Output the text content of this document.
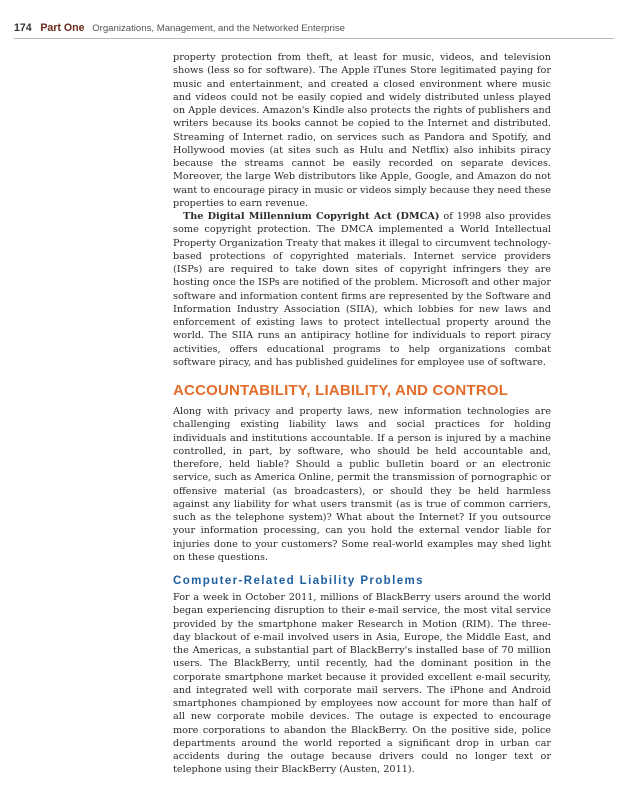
174 Part One Organizations, Management, and the Networked Enterprise

property protection from theft, at least for music, videos, and television shows (less so for software). The Apple iTunes Store legitimated paying for music and entertainment, and created a closed environment where music and videos could not be easily copied and widely distributed unless played on Apple devices. Amazon's Kindle also protects the rights of publishers and writers because its books cannot be copied to the Internet and distributed. Streaming of Internet radio, on services such as Pandora and Spotify, and Hollywood movies (at sites such as Hulu and Netflix) also inhibits piracy because the streams cannot be easily recorded on separate devices. Moreover, the large Web distributors like Apple, Google, and Amazon do not want to encourage piracy in music or videos simply because they need these properties to earn revenue.

The Digital Millennium Copyright Act (DMCA) of 1998 also provides some copyright protection. The DMCA implemented a World Intellectual Property Organization Treaty that makes it illegal to circumvent technology-based protections of copyrighted materials. Internet service providers (ISPs) are required to take down sites of copyright infringers they are hosting once the ISPs are notified of the problem. Microsoft and other major software and information content firms are represented by the Software and Information Industry Association (SIIA), which lobbies for new laws and enforcement of existing laws to protect intellectual property around the world. The SIIA runs an antipiracy hotline for individuals to report piracy activities, offers educational programs to help organizations combat software piracy, and has published guidelines for employee use of software.

ACCOUNTABILITY, LIABILITY, AND CONTROL

Along with privacy and property laws, new information technologies are challenging existing liability laws and social practices for holding individuals and institutions accountable. If a person is injured by a machine controlled, in part, by software, who should be held accountable and, therefore, held liable? Should a public bulletin board or an electronic service, such as America Online, permit the transmission of pornographic or offensive material (as broadcasters), or should they be held harmless against any liability for what users transmit (as is true of common carriers, such as the telephone system)? What about the Internet? If you outsource your information processing, can you hold the external vendor liable for injuries done to your customers? Some real-world examples may shed light on these questions.

Computer-Related Liability Problems

For a week in October 2011, millions of BlackBerry users around the world began experiencing disruption to their e-mail service, the most vital service provided by the smartphone maker Research in Motion (RIM). The three-day blackout of e-mail involved users in Asia, Europe, the Middle East, and the Americas, a substantial part of BlackBerry's installed base of 70 million users. The BlackBerry, until recently, had the dominant position in the corporate smartphone market because it provided excellent e-mail security, and integrated well with corporate mail servers. The iPhone and Android smartphones championed by employees now account for more than half of all new corporate mobile devices. The outage is expected to encourage more corporations to abandon the BlackBerry. On the positive side, police departments around the world reported a significant drop in urban car accidents during the outage because drivers could no longer text or telephone using their BlackBerry (Austen, 2011).
